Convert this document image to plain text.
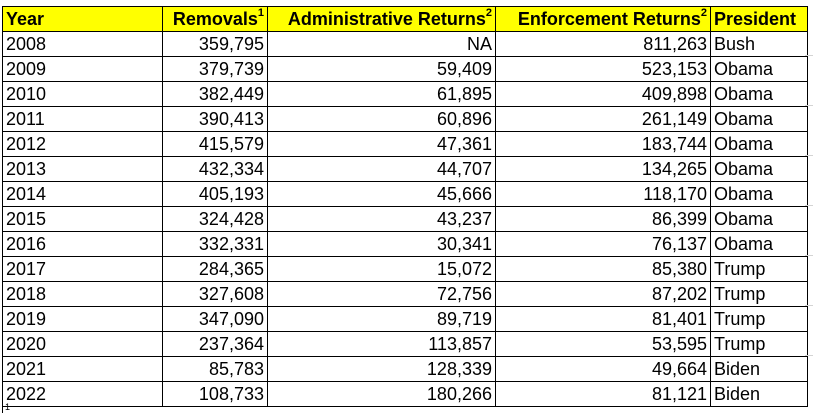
Year	Removals$^1$	Administrative Returns$^2$	Enforcement Returns$^2$	President
2008	359,795	NA	811,263	Bush
2009	379,739	59,409	523,153	Obama
2010	382,449	61,895	409,898	Obama
2011	390,413	60,896	261,149	Obama
2012	415,579	47,361	183,744	Obama
2013	432,334	44,707	134,265	Obama
2014	405,193	45,666	118,170	Obama
2015	324,428	43,237	86,399	Obama
2016	332,331	30,341	76,137	Obama
2017	284,365	15,072	85,380	Trump
2018	327,608	72,756	87,202	Trump
2019	347,090	89,719	81,401	Trump
2020	237,364	113,857	53,595	Trump
2021	85,783	128,339	49,664	Biden
2022	108,733	180,266	81,121	Biden
1
